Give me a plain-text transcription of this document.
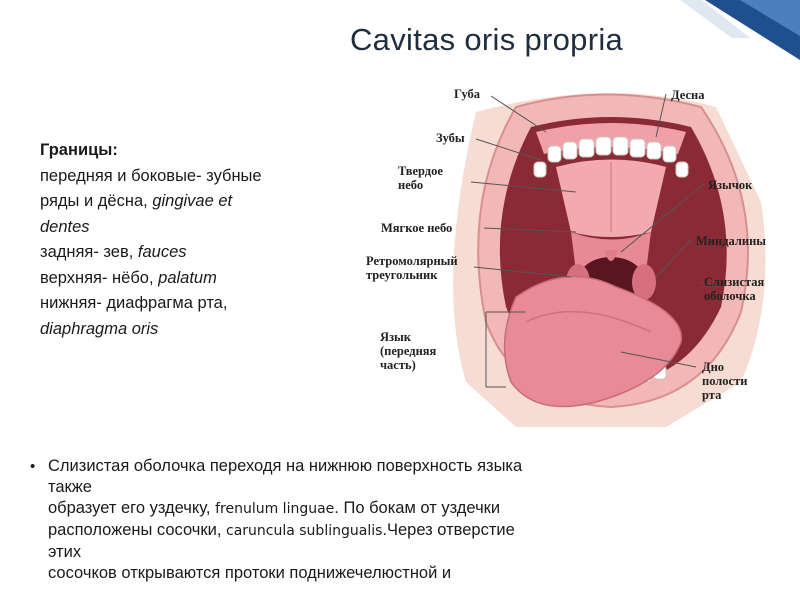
Cavitas oris propria
Границы:
передняя и боковые- зубные
ряды и дёсна, gingivae et
dentes
задняя- зев, fauces
верхняя- нёбо, palatum
нижняя- диафрагма рта,
diaphragma oris
Губа
Зубы
Твердое
небо
Мягкое небо
Ретромолярный
треугольник
Язык
(передняя
часть)
Десна
Язычок
Миндалины
Слизистая
оболочка
Дно
полости
рта
• Слизистая оболочка переходя на нижнюю поверхность языка
также
образует его уздечку, frenulum linguae. По бокам от уздечки
расположены сосочки, caruncula sublingualis.Через отверстие
этих
сосочков открываются протоки поднижечелюстной и
